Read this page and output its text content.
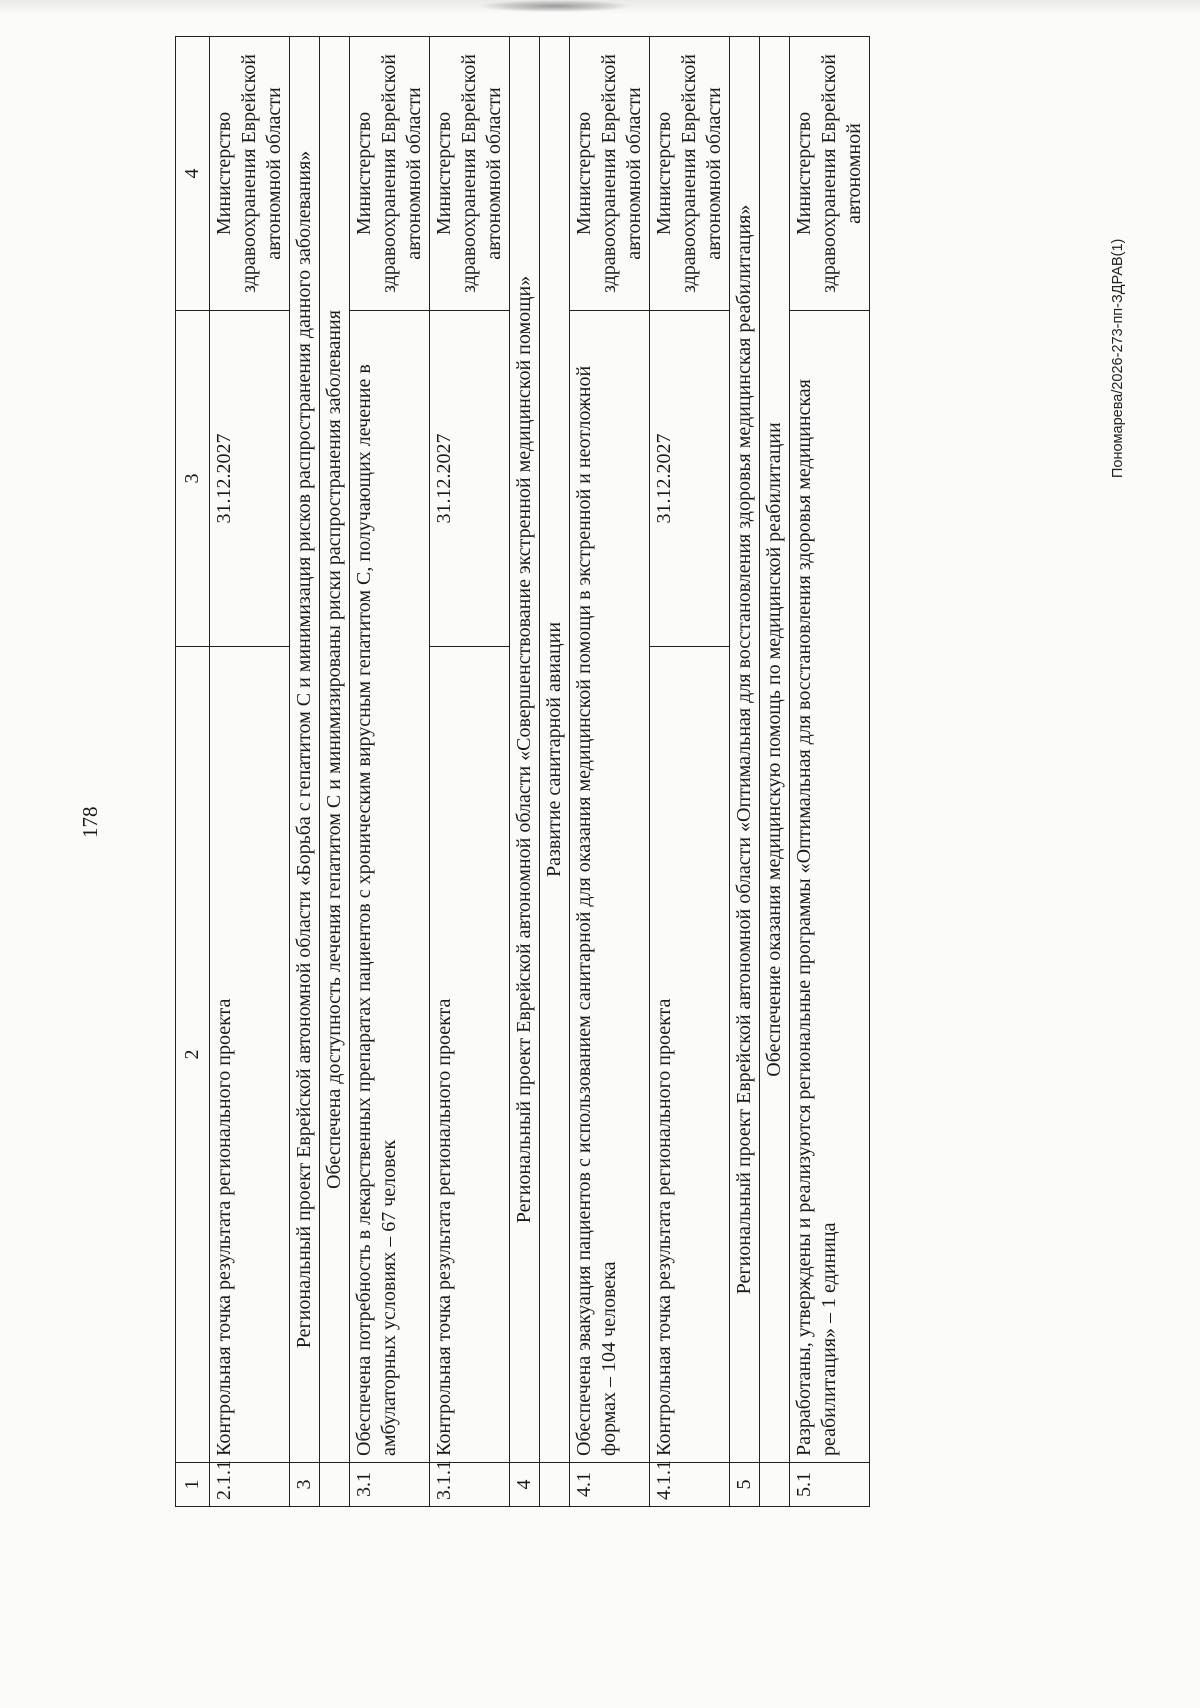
178
1	2	3	4
2.1.1	Контрольная точка результата регионального проекта	31.12.2027	Министерство здравоохранения Еврейской автономной области
3	Региональный проект Еврейской автономной области «Борьба с гепатитом С и минимизация рисков распространения данного заболевания»		
	Обеспечена доступность лечения гепатитом С и минимизированы риски распространения заболевания		
3.1	Обеспечена потребность в лекарственных препаратах пациентов с хроническим вирусным гепатитом С, получающих лечение в амбулаторных условиях – 67 человек		Министерство здравоохранения Еврейской автономной области
3.1.1	Контрольная точка результата регионального проекта	31.12.2027	Министерство здравоохранения Еврейской автономной области
4	Региональный проект Еврейской автономной области «Совершенствование экстренной медицинской помощи»		
	Развитие санитарной авиации		
4.1	Обеспечена эвакуация пациентов с использованием санитарной для оказания медицинской помощи в экстренной и неотложной формах – 104 человека		Министерство здравоохранения Еврейской автономной области
4.1.1	Контрольная точка результата регионального проекта	31.12.2027	Министерство здравоохранения Еврейской автономной области
5	Региональный проект Еврейской автономной области «Оптимальная для восстановления здоровья медицинская реабилитация»		
	Обеспечение оказания медицинскую помощь по медицинской реабилитации		
5.1	Разработаны, утверждены и реализуются региональные программы «Оптимальная для восстановления здоровья медицинская реабилитация» – 1 единица		Министерство здравоохранения Еврейской автономной
Пономарева/2026-273-пп-ЗДРАВ(1)
